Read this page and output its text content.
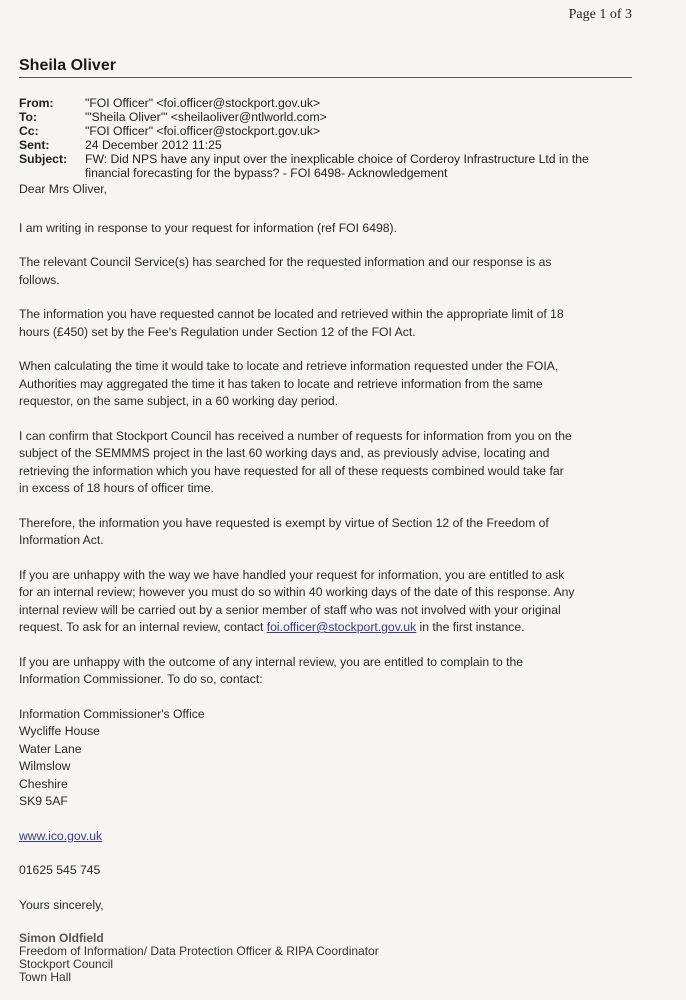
Page 1 of 3
Sheila Oliver
From:	"FOI Officer" <foi.officer@stockport.gov.uk>
To:	"'Sheila Oliver'" <sheilaoliver@ntlworld.com>
Cc:	"FOI Officer" <foi.officer@stockport.gov.uk>
Sent:	24 December 2012 11:25
Subject:	FW: Did NPS have any input over the inexplicable choice of Corderoy Infrastructure Ltd in the
financial forecasting for the bypass? - FOI 6498- Acknowledgement

Dear Mrs Oliver,

I am writing in response to your request for information (ref FOI 6498).

The relevant Council Service(s) has searched for the requested information and our response is as
follows.

The information you have requested cannot be located and retrieved within the appropriate limit of 18
hours (£450) set by the Fee's Regulation under Section 12 of the FOI Act.

When calculating the time it would take to locate and retrieve information requested under the FOIA,
Authorities may aggregated the time it has taken to locate and retrieve information from the same
requestor, on the same subject, in a 60 working day period.

I can confirm that Stockport Council has received a number of requests for information from you on the
subject of the SEMMMS project in the last 60 working days and, as previously advise, locating and
retrieving the information which you have requested for all of these requests combined would take far
in excess of 18 hours of officer time.

Therefore, the information you have requested is exempt by virtue of Section 12 of the Freedom of
Information Act.

If you are unhappy with the way we have handled your request for information, you are entitled to ask
for an internal review; however you must do so within 40 working days of the date of this response. Any
internal review will be carried out by a senior member of staff who was not involved with your original
request. To ask for an internal review, contact foi.officer@stockport.gov.uk in the first instance.

If you are unhappy with the outcome of any internal review, you are entitled to complain to the
Information Commissioner. To do so, contact:

Information Commissioner's Office
Wycliffe House
Water Lane
Wilmslow
Cheshire
SK9 5AF

www.ico.gov.uk

01625 545 745

Yours sincerely,

Simon Oldfield
Freedom of Information/ Data Protection Officer & RIPA Coordinator
Stockport Council
Town Hall
